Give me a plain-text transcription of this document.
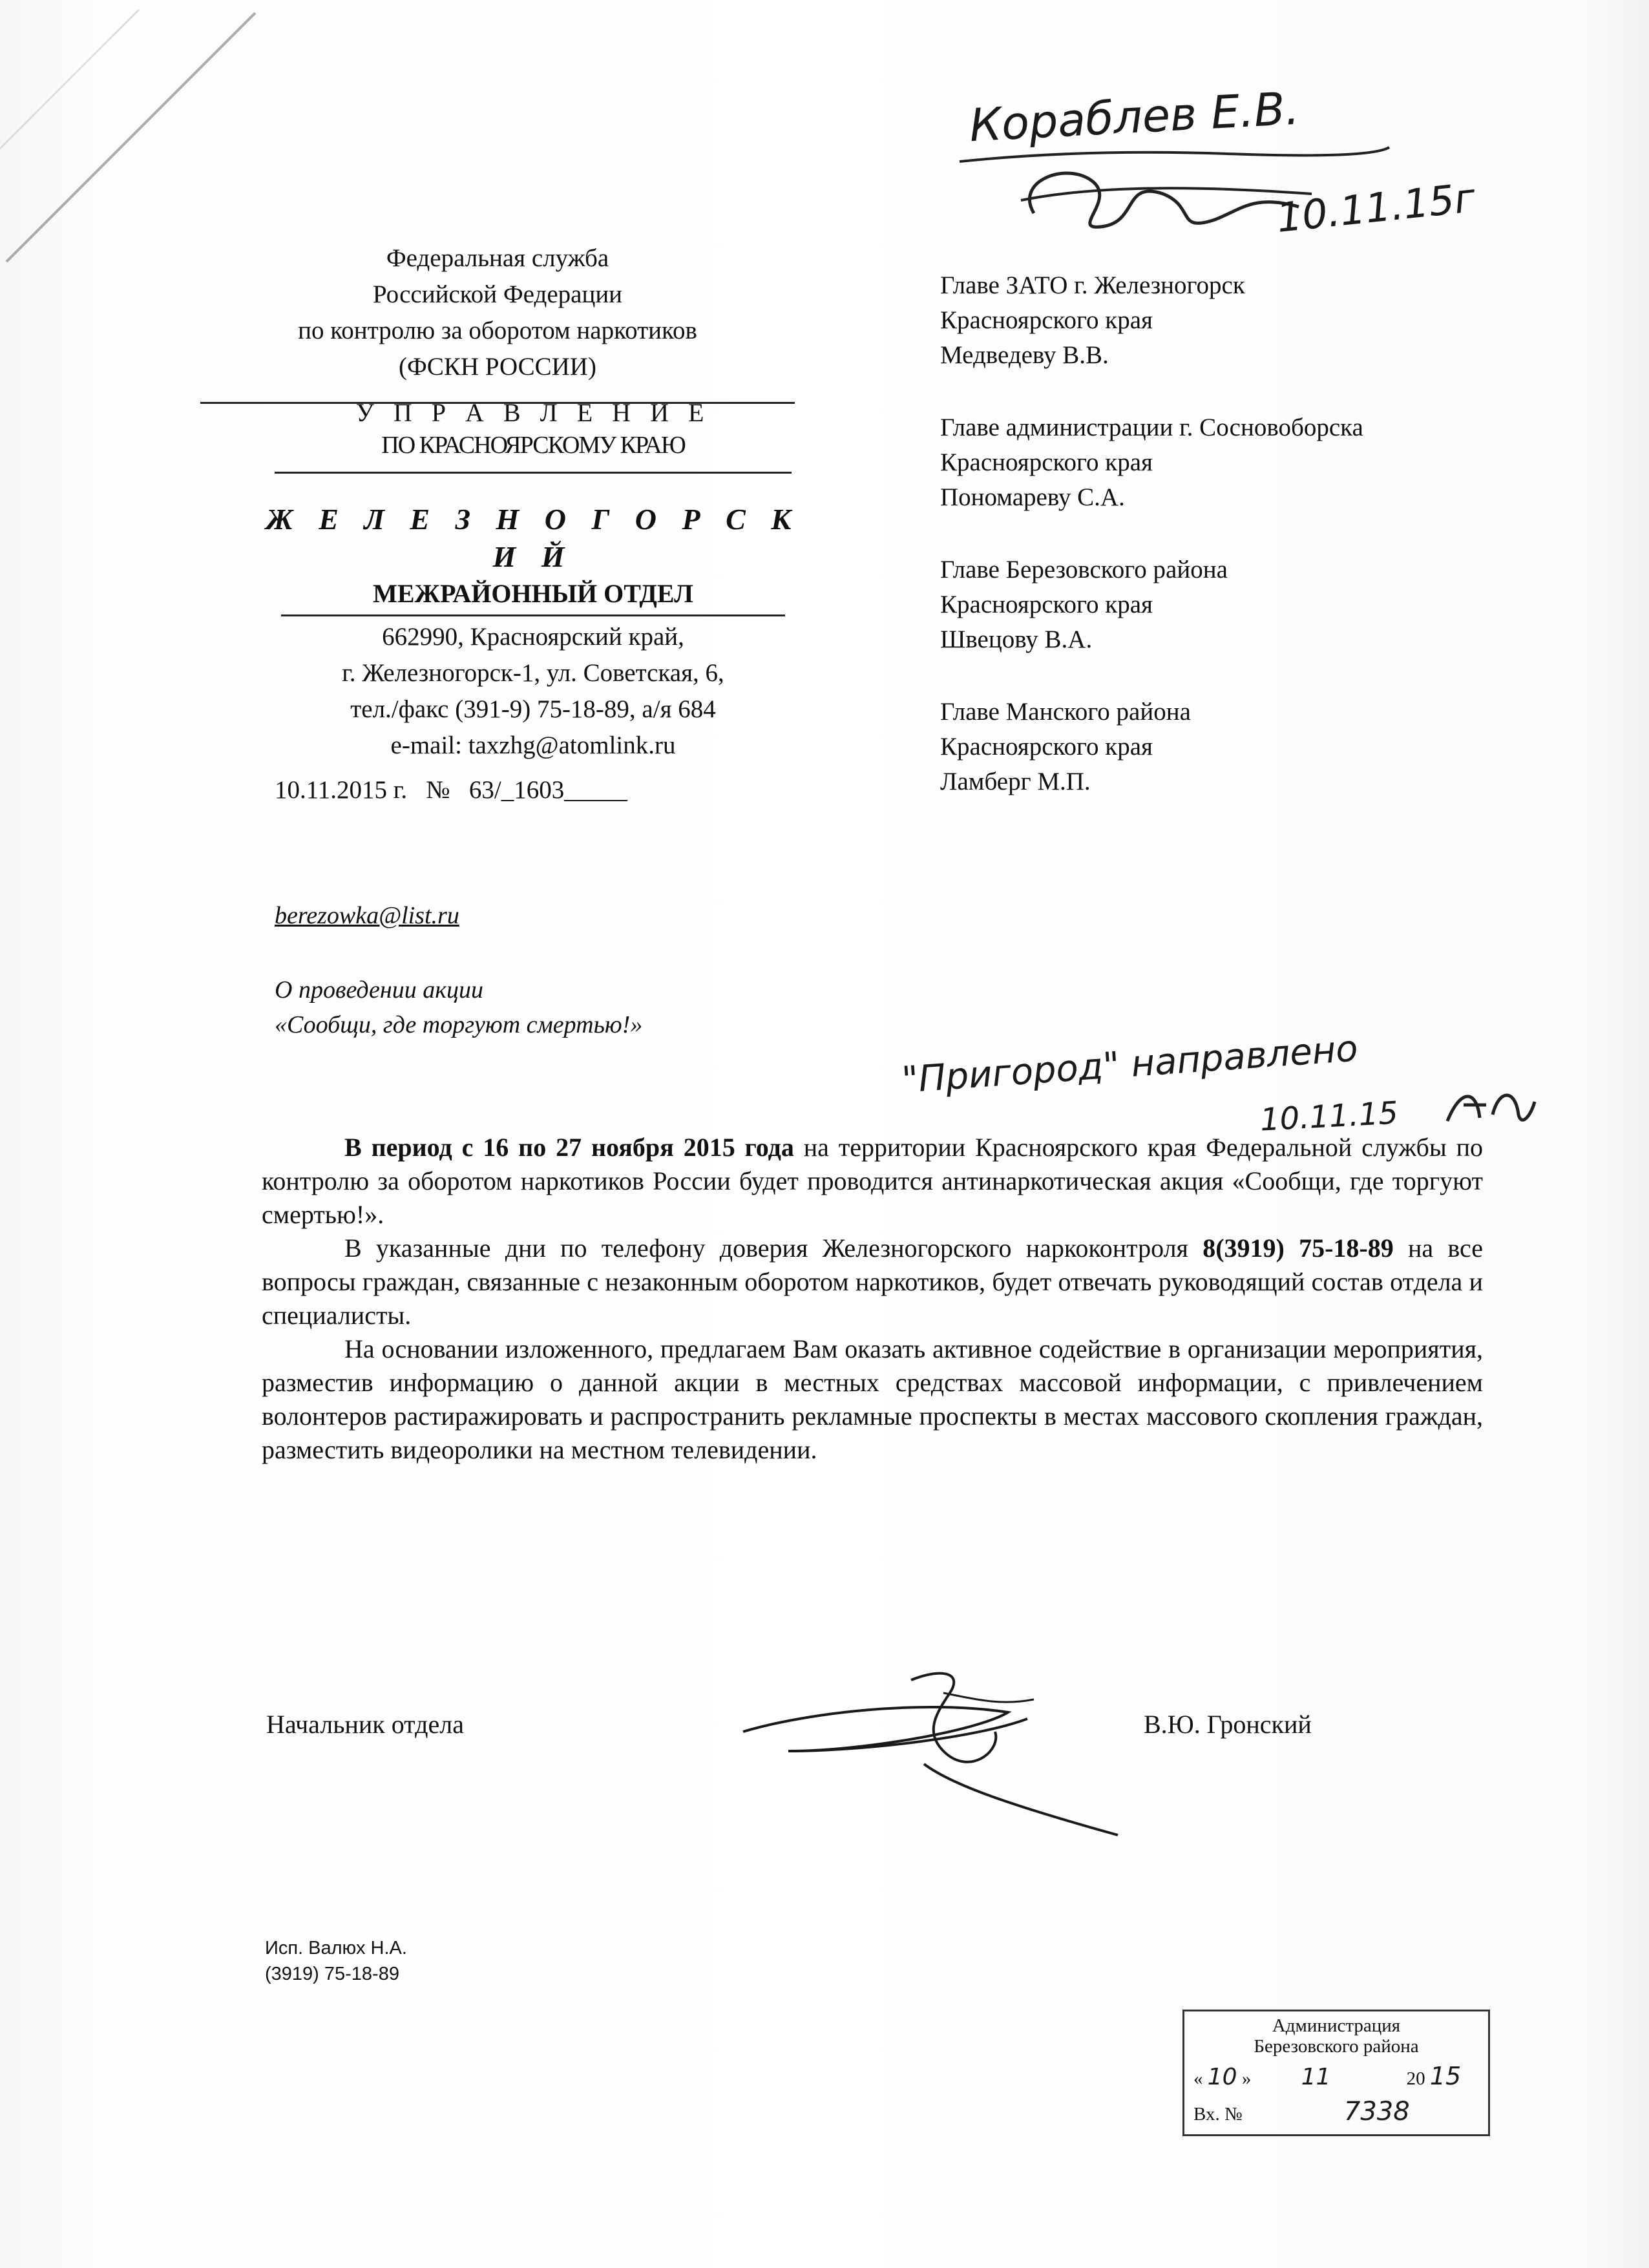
Кораблев Е.В.
10.11.15г
Федеральная служба
Российской Федерации
по контролю за оборотом наркотиков
(ФСКН РОССИИ)
У П Р А В Л Е Н И Е
ПО КРАСНОЯРСКОМУ КРАЮ
Ж Е Л Е З Н О Г О Р С К И Й
МЕЖРАЙОННЫЙ ОТДЕЛ
662990, Красноярский край,
г. Железногорск-1, ул. Советская, 6,
тел./факс (391-9) 75-18-89, а/я 684
e-mail: taxzhg@atomlink.ru
10.11.2015 г.   №   63/_1603_____
Главе ЗАТО г. Железногорск
Красноярского края
Медведеву В.В.
Главе администрации г. Сосновоборска
Красноярского края
Пономареву С.А.
Главе Березовского района
Красноярского края
Швецову В.А.
Главе Манского района
Красноярского края
Ламберг М.П.
berezowka@list.ru
О проведении акции
«Сообщи, где торгуют смертью!»
"Пригород" направлено
10.11.15

В период с 16 по 27 ноября 2015 года на территории Красноярского края Федеральной службы по контролю за оборотом наркотиков России будет проводится антинаркотическая акция «Сообщи, где торгуют смертью!».

В указанные дни по телефону доверия Железногорского наркоконтроля 8(3919) 75-18-89 на все вопросы граждан, связанные с незаконным оборотом наркотиков, будет отвечать руководящий состав отдела и специалисты.

На основании изложенного, предлагаем Вам оказать активное содействие в организации мероприятия, разместив информацию о данной акции в местных средствах массовой информации, с привлечением волонтеров растиражировать и распространить рекламные проспекты в местах массового скопления граждан, разместить видеоролики на местном телевидении.

Начальник отдела	В.Ю. Гронский
Исп. Валюх Н.А.
(3919) 75-18-89
Администрация
Березовского района
« 10 » 11	20 15
Вх. №	7338
